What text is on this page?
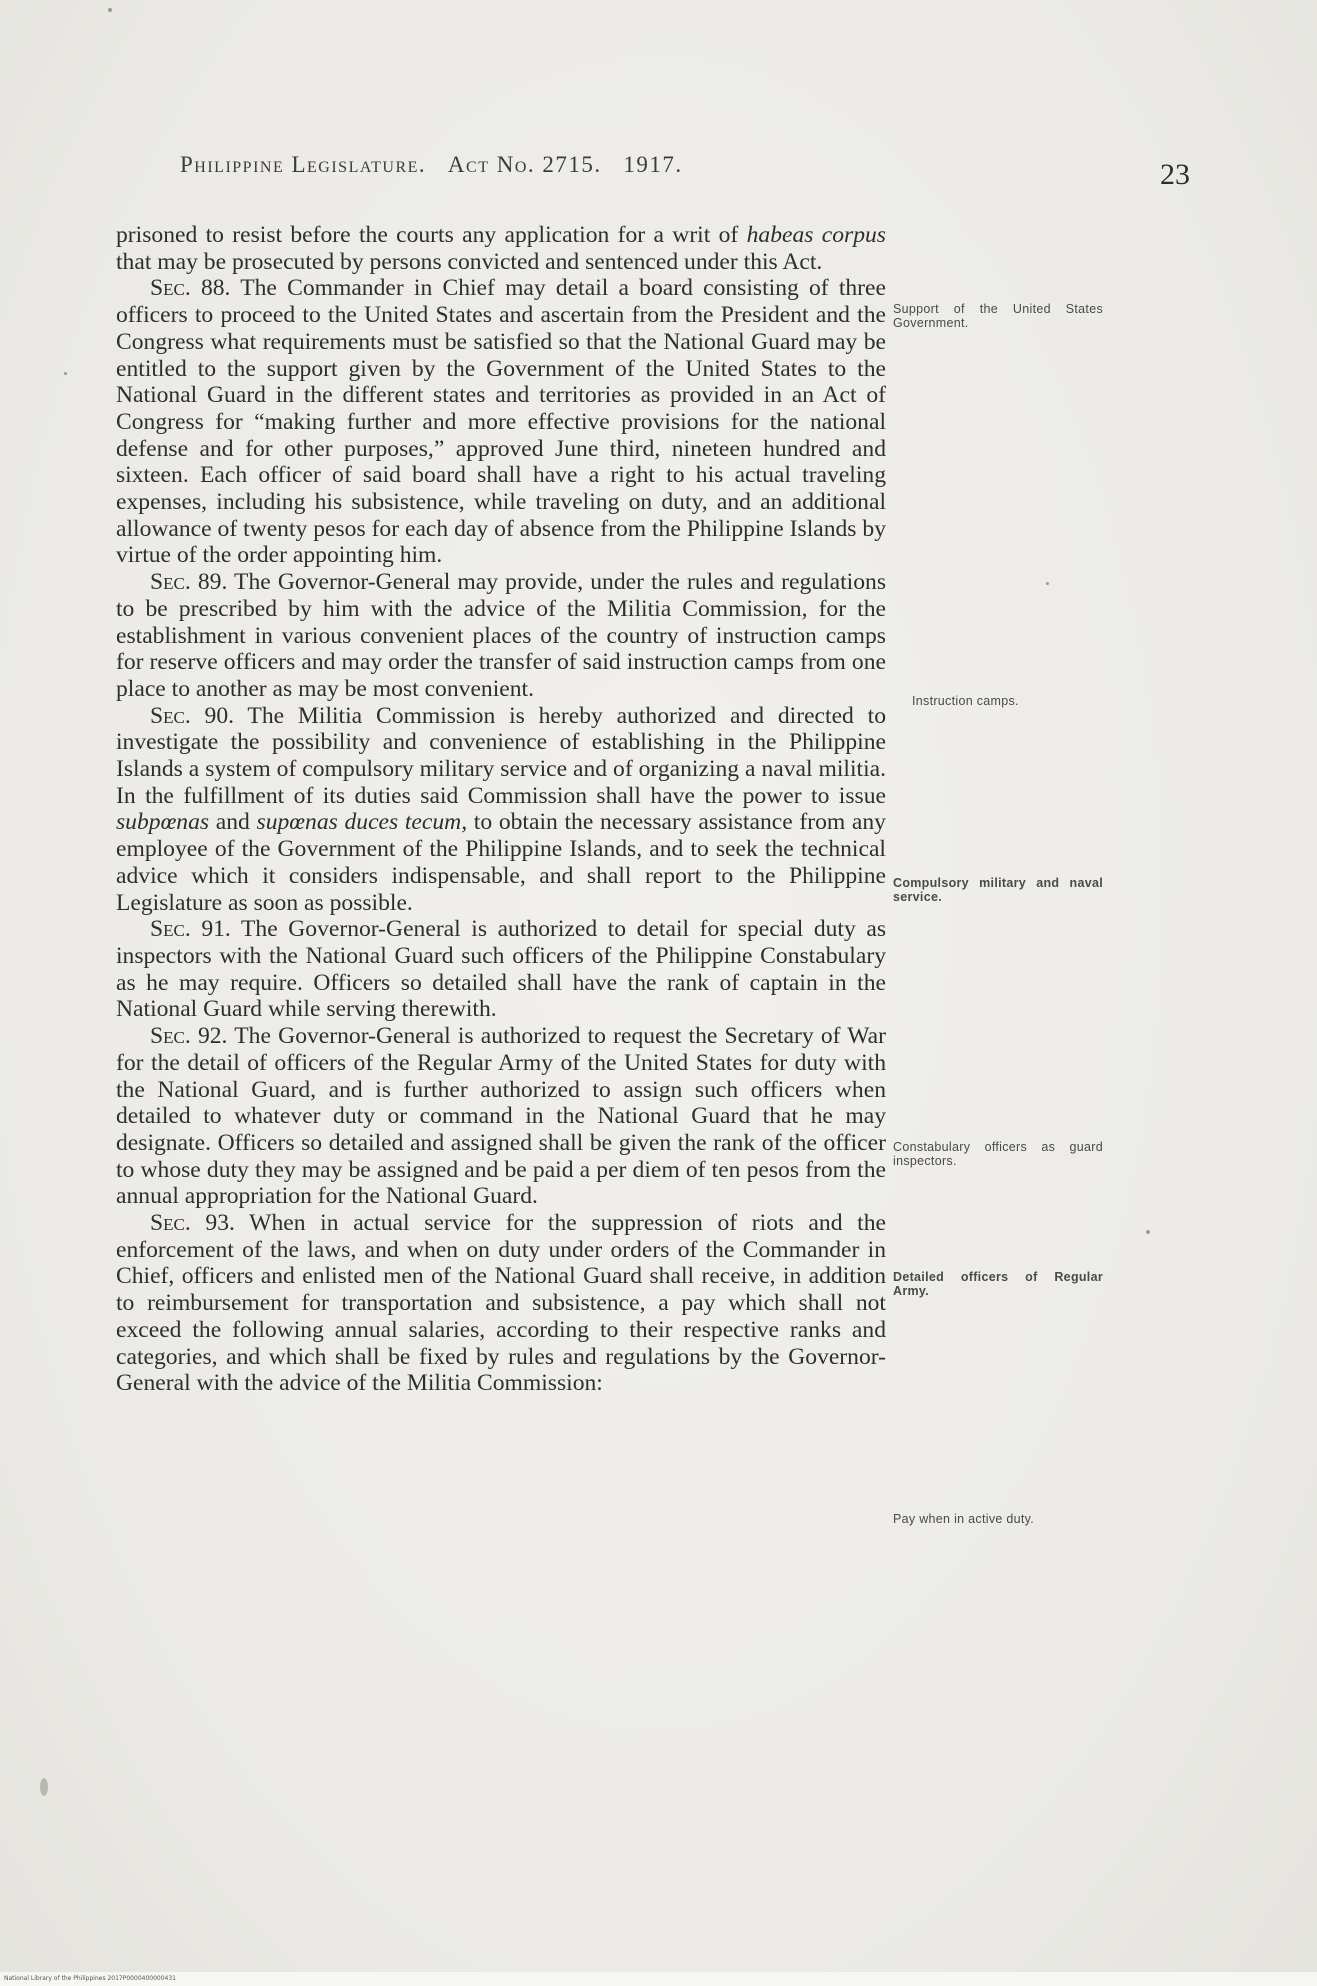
Philippine Legislature. Act No. 2715. 1917.	23

prisoned to resist before the courts any application for a writ of habeas corpus that may be prosecuted by persons convicted and sentenced under this Act.

Sec. 88. The Commander in Chief may detail a board consisting of three officers to proceed to the United States and ascertain from the President and the Congress what requirements must be satisfied so that the National Guard may be entitled to the support given by the Government of the United States to the National Guard in the different states and territories as provided in an Act of Congress for “making further and more effective provisions for the national defense and for other purposes,” approved June third, nineteen hundred and sixteen. Each officer of said board shall have a right to his actual traveling expenses, including his subsistence, while traveling on duty, and an additional allowance of twenty pesos for each day of absence from the Philippine Islands by virtue of the order appointing him.

Sec. 89. The Governor-General may provide, under the rules and regulations to be prescribed by him with the advice of the Militia Commission, for the establishment in various convenient places of the country of instruction camps for reserve officers and may order the transfer of said instruction camps from one place to another as may be most convenient.

Sec. 90. The Militia Commission is hereby authorized and directed to investigate the possibility and convenience of establishing in the Philippine Islands a system of compulsory military service and of organizing a naval militia. In the fulfillment of its duties said Commission shall have the power to issue subpœnas and supœnas duces tecum, to obtain the necessary assistance from any employee of the Government of the Philippine Islands, and to seek the technical advice which it considers indispensable, and shall report to the Philippine Legislature as soon as possible.

Sec. 91. The Governor-General is authorized to detail for special duty as inspectors with the National Guard such officers of the Philippine Constabulary as he may require. Officers so detailed shall have the rank of captain in the National Guard while serving therewith.

Sec. 92. The Governor-General is authorized to request the Secretary of War for the detail of officers of the Regular Army of the United States for duty with the National Guard, and is further authorized to assign such officers when detailed to whatever duty or command in the National Guard that he may designate. Officers so detailed and assigned shall be given the rank of the officer to whose duty they may be assigned and be paid a per diem of ten pesos from the annual appropriation for the National Guard.

Sec. 93. When in actual service for the suppression of riots and the enforcement of the laws, and when on duty under orders of the Commander in Chief, officers and enlisted men of the National Guard shall receive, in addition to reimbursement for transportation and subsistence, a pay which shall not exceed the following annual salaries, according to their respective ranks and categories, and which shall be fixed by rules and regulations by the Governor-General with the advice of the Militia Commission:

Support of the United States Government.
Instruction camps.
Compulsory military and naval service.
Constabulary officers as guard inspectors.
Detailed officers of Regular Army.
Pay when in active duty.
National Library of the Philippines 2017P0000400000431
